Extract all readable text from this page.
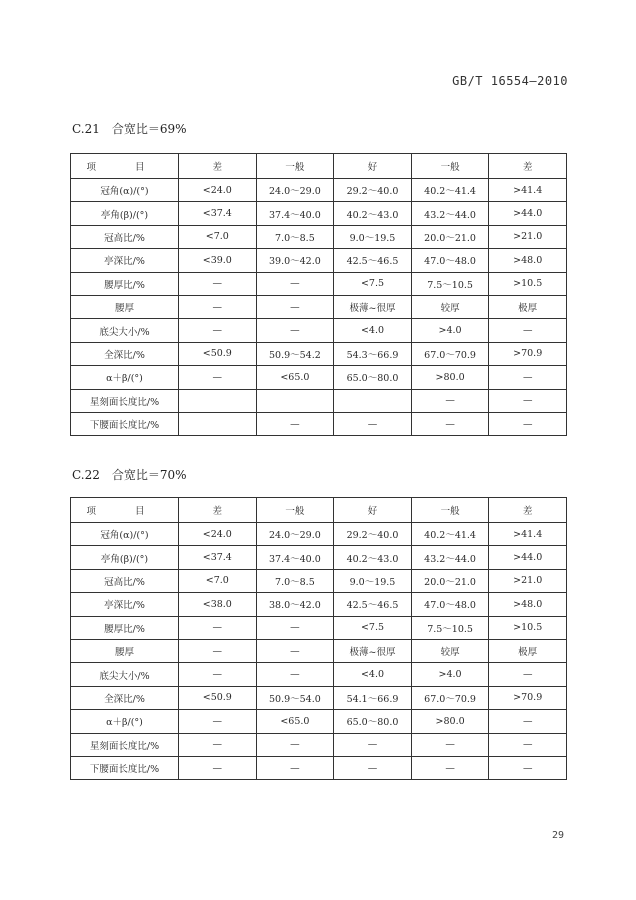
GB/T 16554—2010
C.21 合宽比＝69%
项 目	差	一般	好	一般	差
冠角(α)/(°)	<24.0	24.0～29.0	29.2～40.0	40.2～41.4	>41.4
亭角(β)/(°)	<37.4	37.4～40.0	40.2～43.0	43.2～44.0	>44.0
冠高比/%	<7.0	7.0～8.5	9.0～19.5	20.0～21.0	>21.0
亭深比/%	<39.0	39.0～42.0	42.5～46.5	47.0～48.0	>48.0
腰厚比/%	—	—	<7.5	7.5～10.5	>10.5
腰厚	—	—	极薄~很厚	较厚	极厚
底尖大小/%	—	—	<4.0	>4.0	—
全深比/%	<50.9	50.9～54.2	54.3～66.9	67.0～70.9	>70.9
α＋β/(°)	—	<65.0	65.0～80.0	>80.0	—
星刻面长度比/%				—	—
下腰面长度比/%		—	—	—	—
C.22 合宽比＝70%
项 目	差	一般	好	一般	差
冠角(α)/(°)	<24.0	24.0～29.0	29.2～40.0	40.2～41.4	>41.4
亭角(β)/(°)	<37.4	37.4～40.0	40.2～43.0	43.2～44.0	>44.0
冠高比/%	<7.0	7.0～8.5	9.0～19.5	20.0～21.0	>21.0
亭深比/%	<38.0	38.0～42.0	42.5～46.5	47.0～48.0	>48.0
腰厚比/%	—	—	<7.5	7.5～10.5	>10.5
腰厚	—	—	极薄~很厚	较厚	极厚
底尖大小/%	—	—	<4.0	>4.0	—
全深比/%	<50.9	50.9～54.0	54.1～66.9	67.0～70.9	>70.9
α＋β/(°)	—	<65.0	65.0～80.0	>80.0	—
星刻面长度比/%	—	—	—	—	—
下腰面长度比/%	—	—	—	—	—
29
